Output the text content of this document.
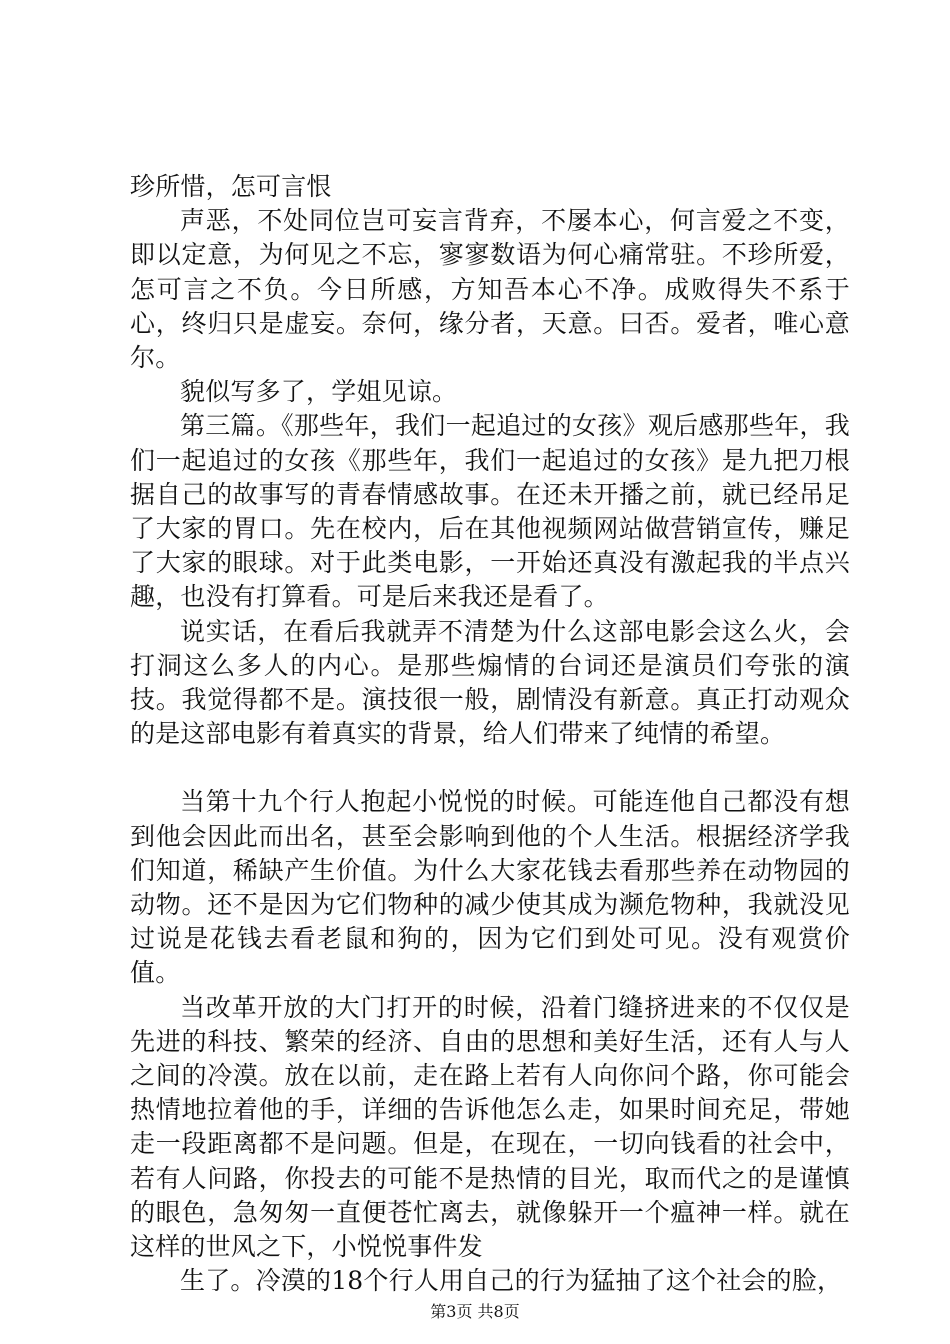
珍所惜，怎可言恨

声恶，不处同位岂可妄言背弃，不屡本心，何言爱之不变，即以定意，为何见之不忘，寥寥数语为何心痛常驻。不珍所爱，怎可言之不负。今日所感，方知吾本心不净。成败得失不系于心，终归只是虚妄。奈何，缘分者，天意。曰否。爱者，唯心意尔。

貌似写多了，学姐见谅。

第三篇。《那些年，我们一起追过的女孩》观后感那些年，我们一起追过的女孩《那些年，我们一起追过的女孩》是九把刀根据自己的故事写的青春情感故事。在还未开播之前，就已经吊足了大家的胃口。先在校内，后在其他视频网站做营销宣传，赚足了大家的眼球。对于此类电影，一开始还真没有激起我的半点兴趣，也没有打算看。可是后来我还是看了。

说实话，在看后我就弄不清楚为什么这部电影会这么火，会打洞这么多人的内心。是那些煽情的台词还是演员们夸张的演技。我觉得都不是。演技很一般，剧情没有新意。真正打动观众的是这部电影有着真实的背景，给人们带来了纯情的希望。

当第十九个行人抱起小悦悦的时候。可能连他自己都没有想到他会因此而出名，甚至会影响到他的个人生活。根据经济学我们知道，稀缺产生价值。为什么大家花钱去看那些养在动物园的动物。还不是因为它们物种的减少使其成为濒危物种，我就没见过说是花钱去看老鼠和狗的，因为它们到处可见。没有观赏价值。

当改革开放的大门打开的时候，沿着门缝挤进来的不仅仅是先进的科技、繁荣的经济、自由的思想和美好生活，还有人与人之间的冷漠。放在以前，走在路上若有人向你问个路，你可能会热情地拉着他的手，详细的告诉他怎么走，如果时间充足，带她走一段距离都不是问题。但是，在现在，一切向钱看的社会中，若有人问路，你投去的可能不是热情的目光，取而代之的是谨慎的眼色，急匆匆一直便苍忙离去，就像躲开一个瘟神一样。就在这样的世风之下，小悦悦事件发

生了。冷漠的18个行人用自己的行为猛抽了这个社会的脸，

第3页 共8页
